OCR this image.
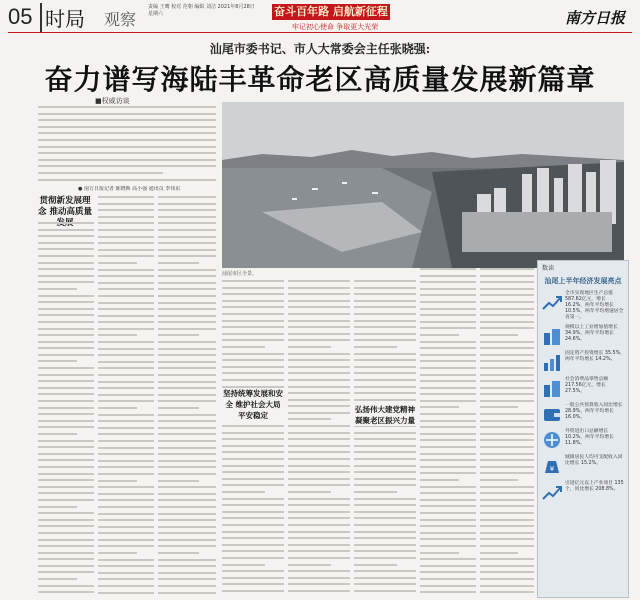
05 时局 观察
责编 王鹰 校对 范朝 编辑 刘洁 2021年8月28日 星期六	奋斗百年路 启航新征程
牢记初心使命 争取更大光荣	南方日报
汕尾市委书记、市人大常委会主任张晓强:
奋力谱写海陆丰革命老区高质量发展新篇章
■权威访谈
● 南方日报记者 陈晓斯 高小强 通讯员 李伟东
贯彻新发展理念 推动高质量
汕尾市区全景。
坚持统筹发展和安全 维护社会大局平安稳定
弘扬伟大建党精神 凝聚老区振兴力量
数读
汕尾上半年经济发展亮点
全市实现地区生产总值 587.62亿元，增长 16.2%，两年平均增长 10.5%，两年平均增速居全省第一。
规模以上工业增加值增长 34.9%，两年平均增长 24.6%。
固定资产投资增长 35.5%，两年平均增长 14.2%。
社会消费品零售总额 217.56亿元，增长 27.5%。
一般公共预算收入同比增长 28.9%，两年平均增长 16.0%。
外贸进出口总额增长 10.2%，两年平均增长 11.8%。
¥
城镇居民人均可支配收入同比增长 15.2%。
引进亿元以上产业项目 135个，同比增长 208.8%。
